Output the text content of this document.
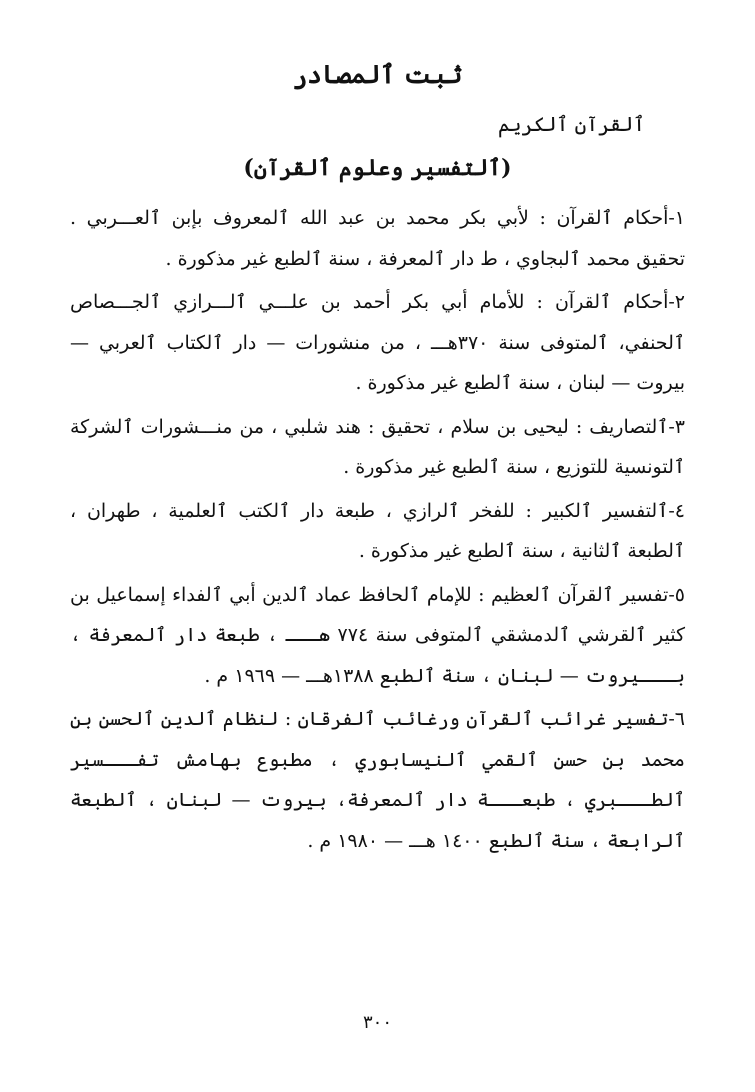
ثبت ٱلمصادر

ٱلقرآن ٱلكريم

(ٱلتفسير وعلوم ٱلقرآن)
١-أحكام ٱلقرآن : لأبي بكر محمد بن عبد الله ٱلمعروف بإبن ٱلعـــربي . تحقيق محمد ٱلبجاوي ، ط دار ٱلمعرفة ، سنة ٱلطبع غير مذكورة .
٢-أحكام ٱلقرآن : للأمام أبي بكر أحمد بن علـــي ٱلـــرازي ٱلجـــصاص ٱلحنفي، ٱلمتوفى سنة ٣٧٠هـــ ، من منشورات — دار ٱلكتاب ٱلعربي — بيروت — لبنان ، سنة ٱلطبع غير مذكورة .
٣-ٱلتصاريف : ليحيى بن سلام ، تحقيق : هند شلبي ، من منـــشورات ٱلشركة ٱلتونسية للتوزيع ، سنة ٱلطبع غير مذكورة .
٤-ٱلتفسير ٱلكبير : للفخر ٱلرازي ، طبعة دار ٱلكتب ٱلعلمية ، طهران ، ٱلطبعة ٱلثانية ، سنة ٱلطبع غير مذكورة .
٥-تفسير ٱلقرآن ٱلعظيم : للإمام ٱلحافظ عماد ٱلدين أبي ٱلفداء إسماعيل بن كثير ٱلقرشي ٱلدمشقي ٱلمتوفى سنة ٧٧٤ هـــ ، طبعة دار ٱلمعرفة ، بـــيروت — لبنان ، سنة ٱلطبع ١٣٨٨هـــ — ١٩٦٩ م .
٦-تفسير غرائب ٱلقرآن ورغائب ٱلفرقان : لنظام ٱلدين ٱلحسن بن محمد بن حسن ٱلقمي ٱلنيسابوري ، مطبوع بهامش تفـــسير ٱلطـــبري ، طبعـــة دار ٱلمعرفة، بيروت — لبنان ، ٱلطبعة ٱلرابعة ، سنة ٱلطبع ١٤٠٠ هـــ — ١٩٨٠ م .

٣٠٠
